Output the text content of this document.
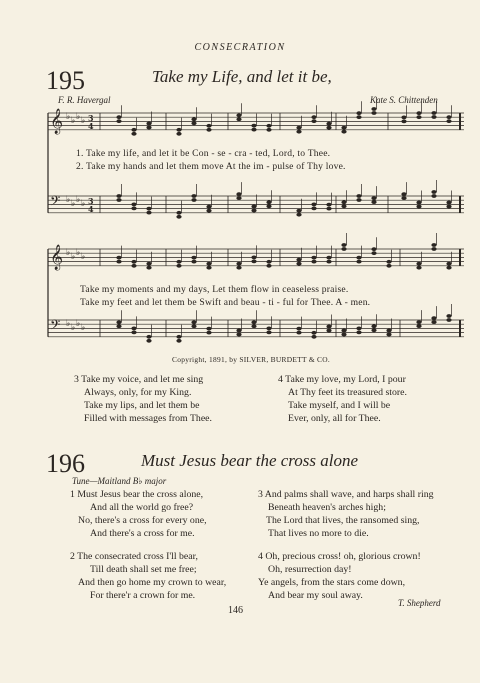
CONSECRATION
195	Take my Life, and let it be,
F. R. Havergal	Kate S. Chittenden
𝄞 ♭ ♭ ♭ ♭ 3
4
𝄢 ♭ ♭ ♭ ♭ 3
4
𝄞 ♭ ♭ ♭ ♭
𝄢 ♭ ♭ ♭ ♭
1. Take my life, and let it be Con - se - cra - ted, Lord, to Thee.
2. Take my hands and let them move At the im - pulse of Thy love.
Take my moments and my days, Let them flow in ceaseless praise.
Take my feet and let them be Swift and beau - ti - ful for Thee. A - men.
Copyright, 1891, by SILVER, BURDETT & CO.
3 Take my voice, and let me sing
Always, only, for my King.
Take my lips, and let them be
Filled with messages from Thee.
4 Take my love, my Lord, I pour
At Thy feet its treasured store.
Take myself, and I will be
Ever, only, all for Thee.
196	Must Jesus bear the cross alone
Tune—Maitland B♭ major
1 Must Jesus bear the cross alone,
And all the world go free?
No, there's a cross for every one,
And there's a cross for me.
2 The consecrated cross I'll bear,
Till death shall set me free;
And then go home my crown to wear,
For there'r a crown for me.
3 And palms shall wave, and harps shall ring
Beneath heaven's arches high;
The Lord that lives, the ransomed sing,
That lives no more to die.
4 Oh, precious cross! oh, glorious crown!
Oh, resurrection day!
Ye angels, from the stars come down,
And bear my soul away.
T. Shepherd
146
